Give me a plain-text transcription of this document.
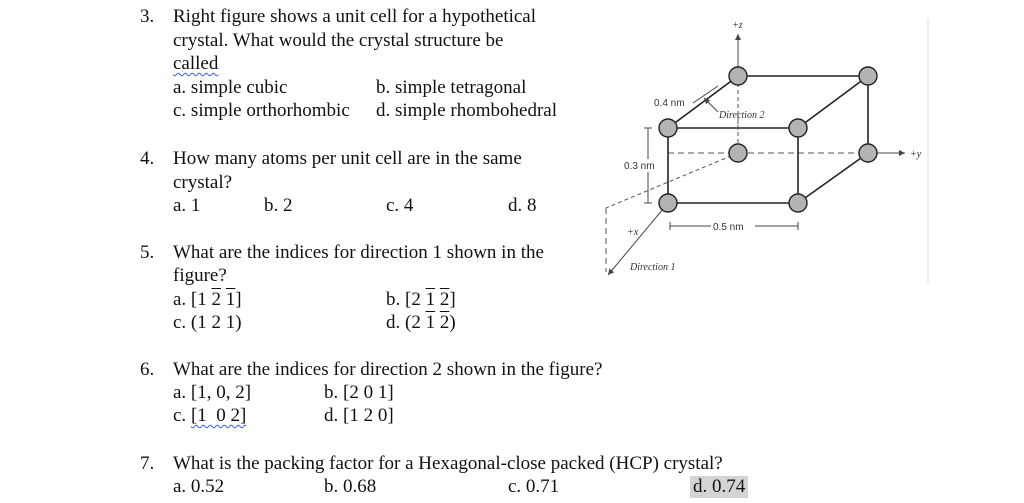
3. Right figure shows a unit cell for a hypothetical
crystal. What would the crystal structure be
called
a. simple cubic	b. simple tetragonal
c. simple orthorhombic d. simple rhombohedral
4. How many atoms per unit cell are in the same
crystal?
a. 1	b. 2	c. 4	d. 8
5. What are the indices for direction 1 shown in the
figure?
a. [1 2 1]	b. [2 1 2]
c. (1 2 1)	d. (2 1 2)
6. What are the indices for direction 2 shown in the figure?
a. [1, 0, 2]	b. [2 0 1]
c. [1  0 2]	d. [1 2 0]
7. What is the packing factor for a Hexagonal-close packed (HCP) crystal?
a. 0.52	b. 0.68	c. 0.71	d. 0.74
+z
+y
+x
Direction 2
Direction 1
0.4 nm
0.3 nm
0.5 nm
